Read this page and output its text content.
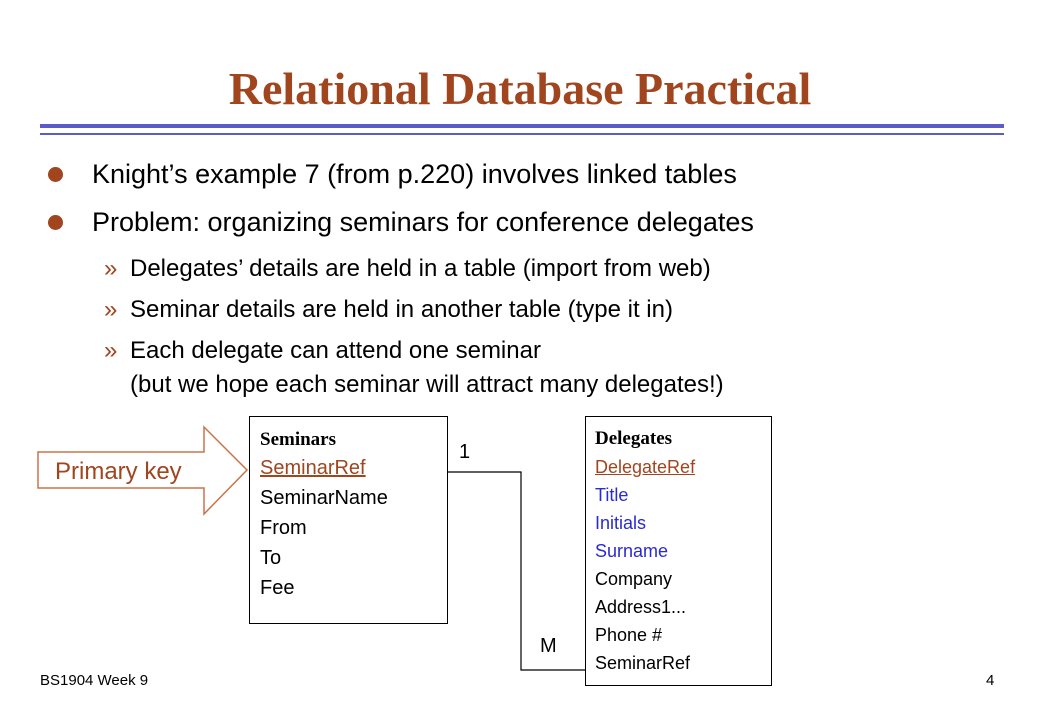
Relational Database Practical
Knight’s example 7 (from p.220) involves linked tables
Problem: organizing seminars for conference delegates
» Delegates’ details are held in a table (import from web)
» Seminar details are held in another table (type it in)
» Each delegate can attend one seminar
(but we hope each seminar will attract many delegates!)
Primary key
Seminars
SeminarRef
SeminarName
From
To
Fee
Delegates
DelegateRef
Title
Initials
Surname
Company
Address1...
Phone #
SeminarRef
1
M
BS1904 Week 9	4
